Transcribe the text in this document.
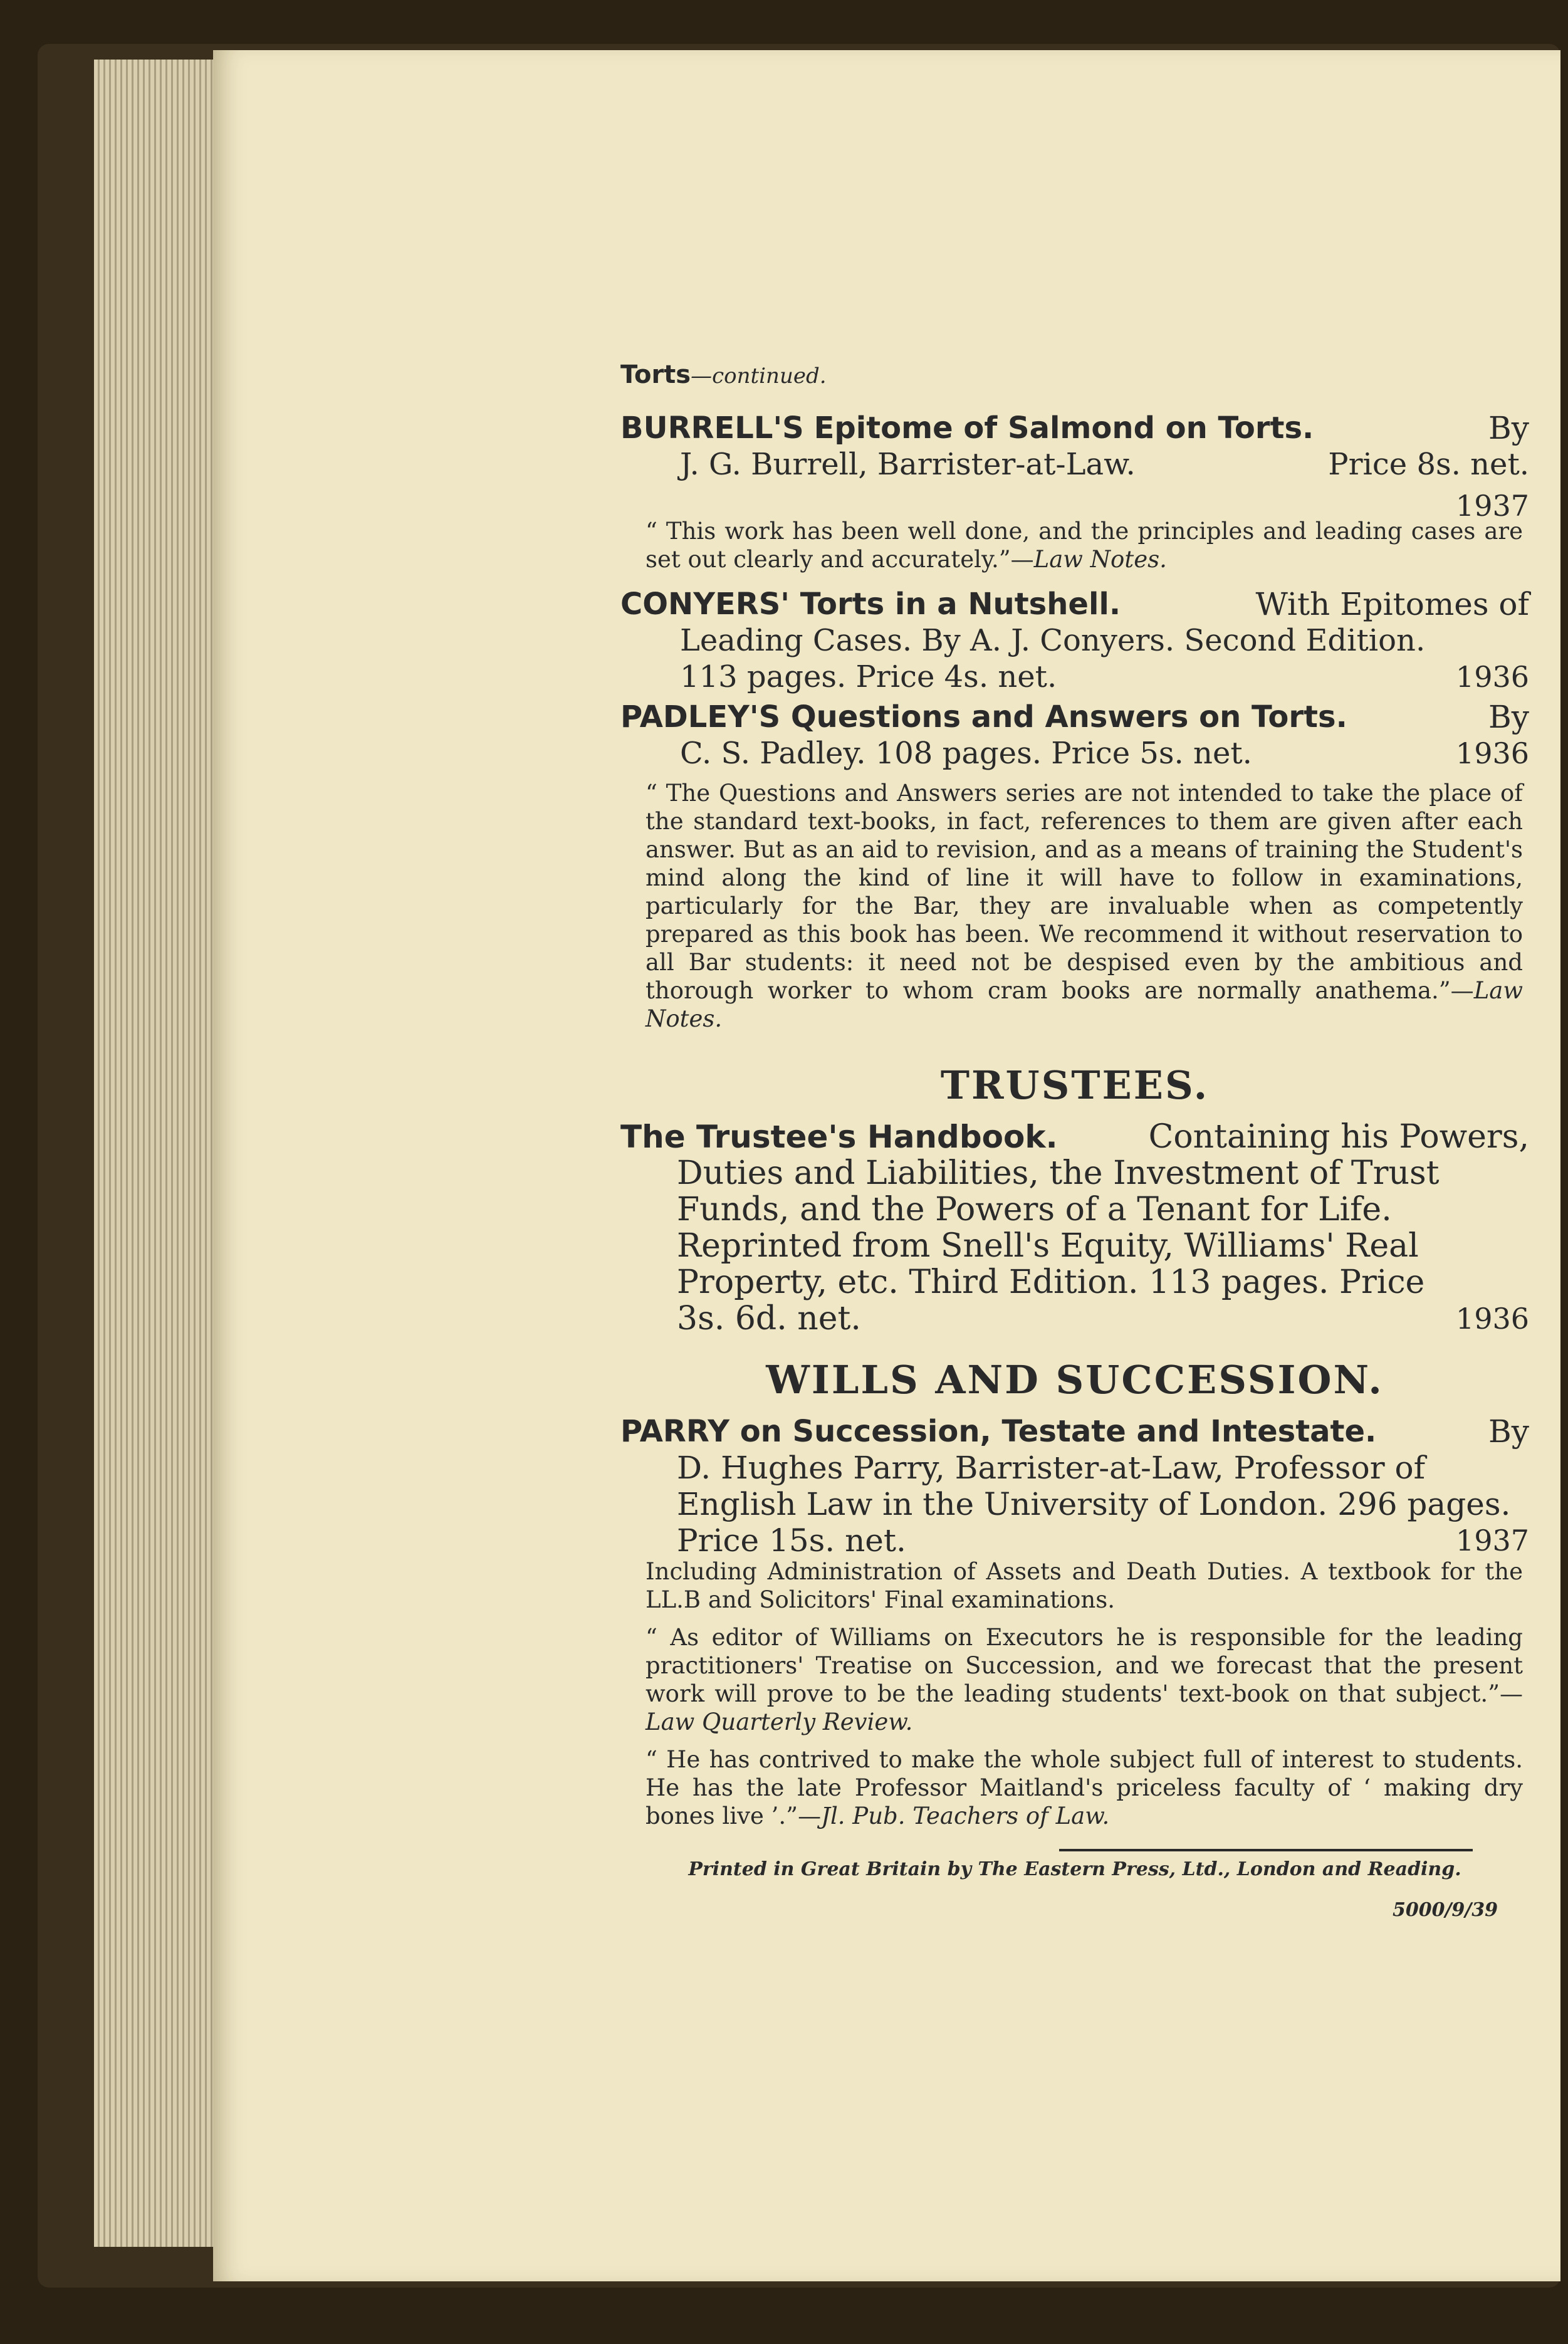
Torts—continued.
BURRELL'S Epitome of Salmond on Torts.	By
J. G. Burrell, Barrister-at-Law.	Price 8s. net.
1937
“ This work has been well done, and the principles and leading cases are set out clearly and accurately.”—Law Notes.
CONYERS' Torts in a Nutshell.	With Epitomes of
Leading Cases. By A. J. Conyers. Second Edition.
113 pages. Price 4s. net.	1936
PADLEY'S Questions and Answers on Torts.	By
C. S. Padley. 108 pages. Price 5s. net.	1936
“ The Questions and Answers series are not intended to take the place of the standard text-books, in fact, references to them are given after each answer. But as an aid to revision, and as a means of training the Student's mind along the kind of line it will have to follow in examinations, particularly for the Bar, they are invaluable when as competently prepared as this book has been. We recommend it without reservation to all Bar students: it need not be despised even by the ambitious and thorough worker to whom cram books are normally anathema.”—Law Notes.
TRUSTEES.
The Trustee's Handbook.	Containing his Powers,
Duties and Liabilities, the Investment of Trust
Funds, and the Powers of a Tenant for Life.
Reprinted from Snell's Equity, Williams' Real
Property, etc. Third Edition. 113 pages. Price
3s. 6d. net.	1936
WILLS AND SUCCESSION.
PARRY on Succession, Testate and Intestate.	By
D. Hughes Parry, Barrister-at-Law, Professor of
English Law in the University of London. 296 pages.
Price 15s. net.	1937
Including Administration of Assets and Death Duties. A textbook for the LL.B and Solicitors' Final examinations.
“ As editor of Williams on Executors he is responsible for the leading practitioners' Treatise on Succession, and we forecast that the present work will prove to be the leading students' text-book on that subject.”—Law Quarterly Review.
“ He has contrived to make the whole subject full of interest to students. He has the late Professor Maitland's priceless faculty of ‘ making dry bones live ’.”—Jl. Pub. Teachers of Law.
Printed in Great Britain by The Eastern Press, Ltd., London and Reading.
5000/9/39
